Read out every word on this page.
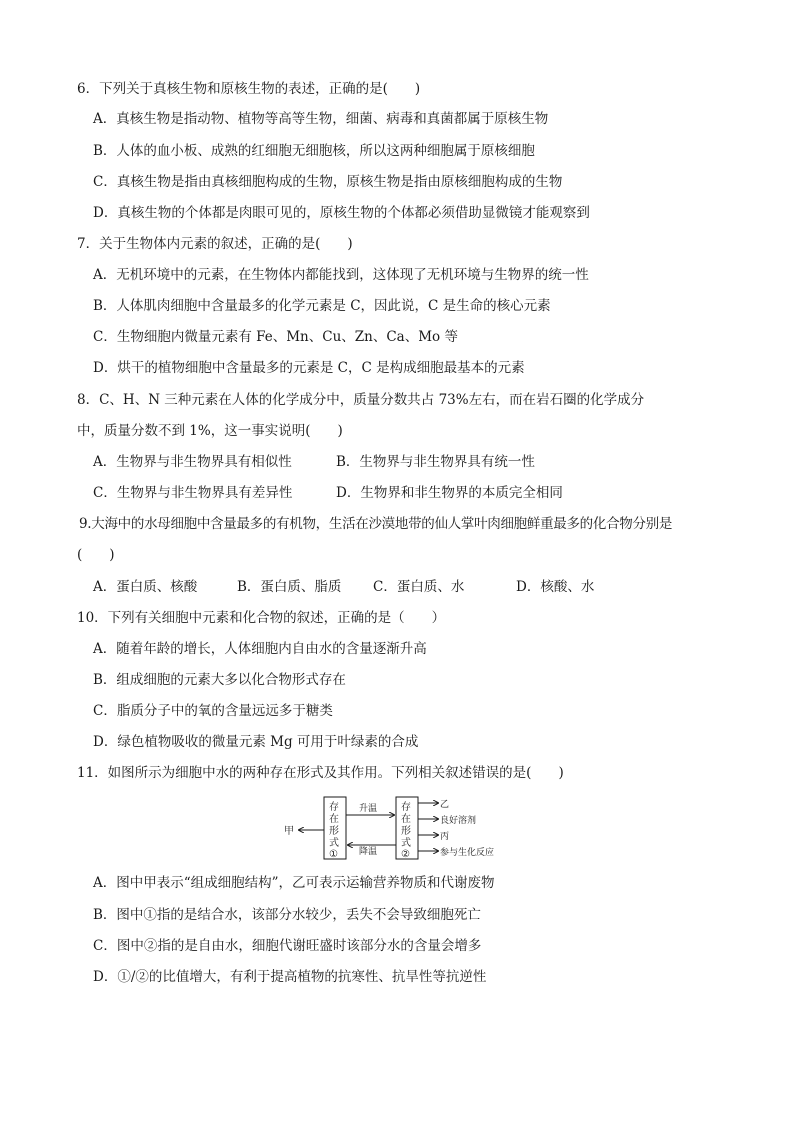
6．下列关于真核生物和原核生物的表述，正确的是(　　)
A．真核生物是指动物、植物等高等生物，细菌、病毒和真菌都属于原核生物
B．人体的血小板、成熟的红细胞无细胞核，所以这两种细胞属于原核细胞
C．真核生物是指由真核细胞构成的生物，原核生物是指由原核细胞构成的生物
D．真核生物的个体都是肉眼可见的，原核生物的个体都必须借助显微镜才能观察到
7．关于生物体内元素的叙述，正确的是(　　)
A．无机环境中的元素，在生物体内都能找到，这体现了无机环境与生物界的统一性
B．人体肌肉细胞中含量最多的化学元素是 C，因此说，C 是生命的核心元素
C．生物细胞内微量元素有 Fe、Mn、Cu、Zn、Ca、Mo 等
D．烘干的植物细胞中含量最多的元素是 C，C 是构成细胞最基本的元素
8．C、H、N 三种元素在人体的化学成分中，质量分数共占 73%左右，而在岩石圈的化学成分
中，质量分数不到 1%，这一事实说明(　　)
A．生物界与非生物界具有相似性	B．生物界与非生物界具有统一性
C．生物界与非生物界具有差异性	D．生物界和非生物界的本质完全相同
9.大海中的水母细胞中含量最多的有机物，生活在沙漠地带的仙人掌叶肉细胞鲜重最多的化合物分别是
(　　)
A．蛋白质、核酸	B．蛋白质、脂质 C．蛋白质、水	D．核酸、水
10．下列有关细胞中元素和化合物的叙述，正确的是（　　）
A．随着年龄的增长，人体细胞内自由水的含量逐渐升高
B．组成细胞的元素大多以化合物形式存在
C．脂质分子中的氧的含量远远多于糖类
D．绿色植物吸收的微量元素 Mg 可用于叶绿素的合成
11．如图所示为细胞中水的两种存在形式及其作用。下列相关叙述错误的是(　　)
甲
存
在
形
式
①
升温
降温
存
在
形
式
②
乙
良好溶剂
丙
参与生化反应
A．图中甲表示“组成细胞结构”，乙可表示运输营养物质和代谢废物
B．图中①指的是结合水，该部分水较少，丢失不会导致细胞死亡
C．图中②指的是自由水，细胞代谢旺盛时该部分水的含量会增多
D．①/②的比值增大，有利于提高植物的抗寒性、抗旱性等抗逆性
